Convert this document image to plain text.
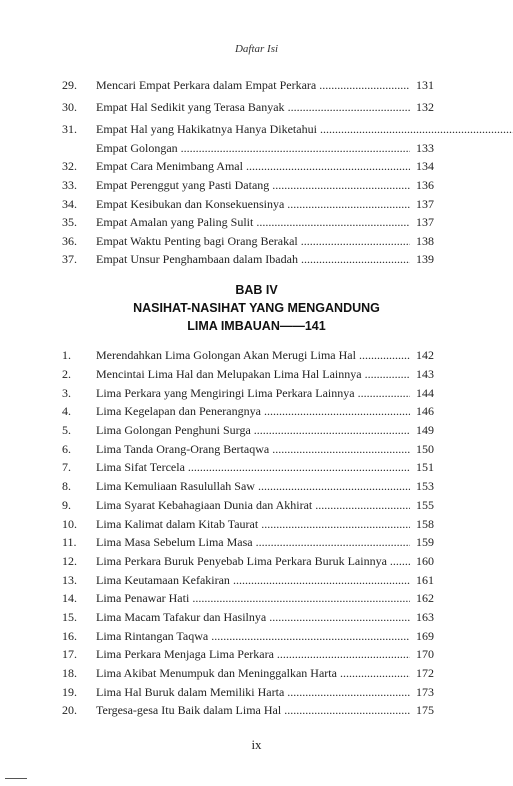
Daftar Isi
29. Mencari Empat Perkara dalam Empat Perkara .....	131
30. Empat Hal Sedikit yang Terasa Banyak .....	132
31. Empat Hal yang Hakikatnya Hanya Diketahui .....
Empat Golongan .....	133
32. Empat Cara Menimbang Amal .....	134
33. Empat Perenggut yang Pasti Datang .....	136
34. Empat Kesibukan dan Konsekuensinya .....	137
35. Empat Amalan yang Paling Sulit .....	137
36. Empat Waktu Penting bagi Orang Berakal .....	138
37. Empat Unsur Penghambaan dalam Ibadah .....	139
BAB IV
NASIHAT-NASIHAT YANG MENGANDUNG
LIMA IMBAUAN——141
1. Merendahkan Lima Golongan Akan Merugi Lima Hal .....	142
2. Mencintai Lima Hal dan Melupakan Lima Hal Lainnya .....	143
3. Lima Perkara yang Mengiringi Lima Perkara Lainnya .....	144
4. Lima Kegelapan dan Penerangnya .....	146
5. Lima Golongan Penghuni Surga .....	149
6. Lima Tanda Orang-Orang Bertaqwa .....	150
7. Lima Sifat Tercela .....	151
8. Lima Kemuliaan Rasulullah Saw .....	153
9. Lima Syarat Kebahagiaan Dunia dan Akhirat .....	155
10. Lima Kalimat dalam Kitab Taurat .....	158
11. Lima Masa Sebelum Lima Masa .....	159
12. Lima Perkara Buruk Penyebab Lima Perkara Buruk Lainnya .....	160
13. Lima Keutamaan Kefakiran .....	161
14. Lima Penawar Hati .....	162
15. Lima Macam Tafakur dan Hasilnya .....	163
16. Lima Rintangan Taqwa .....	169
17. Lima Perkara Menjaga Lima Perkara .....	170
18. Lima Akibat Menumpuk dan Meninggalkan Harta .....	172
19. Lima Hal Buruk dalam Memiliki Harta .....	173
20. Tergesa-gesa Itu Baik dalam Lima Hal .....	175
ix
